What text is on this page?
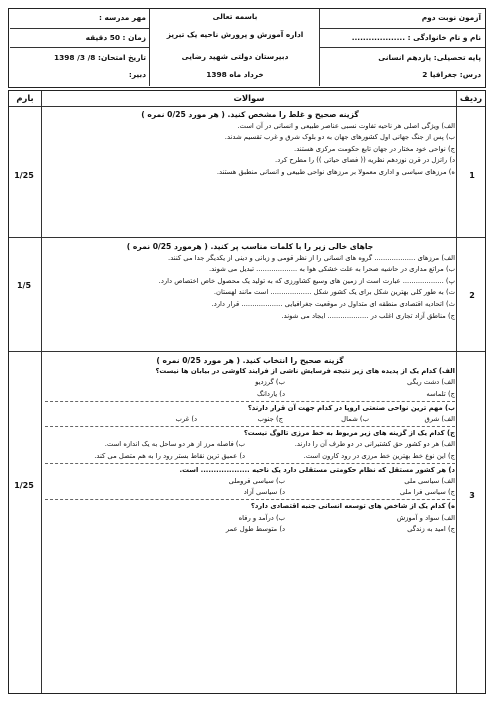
آزمون نوبت دوم
نام و نام خانوادگی : ...................
پایه تحصیلی: یازدهم انسانی
درس: جغرافیا 2
باسمه تعالی
اداره آموزش و پرورش ناحیه یک تبریز
دبیرستان دولتی شهید رضایی
خرداد ماه 1398
مهر مدرسه :
زمان : 50 دقیقه
تاریخ امتحان: 8/ 3/ 1398
دبیر:
ردیف
سوالات
بارم
1
1/25
گزینه صحیح و غلط را مشخص کنید. ( هر مورد 0/25 نمره )
الف) ویژگی اصلی هر ناحیه تفاوت نسبی عناصر طبیعی و انسانی در آن است.
ب) پس از جنگ جهانی اول کشورهای جهان به دو بلوک شرق و غرب تقسیم شدند.
ج) نواحی خود مختار در جهان تابع حکومت مرکزی هستند.
د) راتزل در قرن نوزدهم نظریه (( فضای حیاتی )) را مطرح کرد.
ه) مرزهای سیاسی و اداری معمولا بر مرزهای نواحی طبیعی و انسانی منطبق هستند.
2
1/5
جاهای خالی زیر را با کلمات مناسب پر کنید. ( هرمورد 0/25 نمره )
الف) مرزهای ................... گروه های انسانی را از نظر قومی و زبانی و دینی از یکدیگر جدا می کنند.
ب) مراتع مداری در حاشیه صحرا به علت خشکی هوا به ................... تبدیل می شوند.
پ) ................... عبارت است از زمین های وسیع کشاورزی که به تولید یک محصول خاص اختصاص دارد.
ت) به طور کلی بهترین شکل برای یک کشور شکل ................... است مانند لهستان.
ث) اتحادیه اقتصادی منطقه ای متداول در موقعیت جغرافیایی ................... قرار دارد.
ج) مناطق آزاد تجاری اغلب در ................... ایجاد می شوند.
3
1/25
گزینه صحیح را انتخاب کنید. ( هر مورد 0/25 نمره )
الف) کدام یک از پدیده های زیر نتیجه فرسایش ناشی از فرایند کاوشی در بیابان ها نیست؟
الف) دشت ریگی
ب) گرزدیو
ج) تلماسه
د) یاردانگ
ب) مهم ترین نواحی صنعتی اروپا در کدام جهت آن قرار دارند؟
الف) شرق
ب) شمال
ج) جنوب
د) غرب
ج) کدام یک از گزینه های زیر مربوط به خط مرزی تالوگ نیست؟
الف) هر دو کشور حق کشتیرانی در دو طرف آن را دارند.
ب) فاصله مرز از هر دو ساحل به یک اندازه است.
ج) این نوع خط بهترین خط مرزی در رود کارون است.
د) عمیق ترین نقاط بستر رود را به هم متصل می کند.
د) هر کشور مستقل که نظام حکومتی مستقلی دارد یک ناحیه ................... است.
الف) سیاسی ملی
ب) سیاسی فروملی
ج) سیاسی فرا ملی
د) سیاسی آزاد
ه) کدام یک از شاخص های توسعه انسانی جنبه اقتصادی دارد؟
الف) سواد و آموزش
ب) درآمد و رفاه
ج) امید به زندگی
د) متوسط طول عمر
